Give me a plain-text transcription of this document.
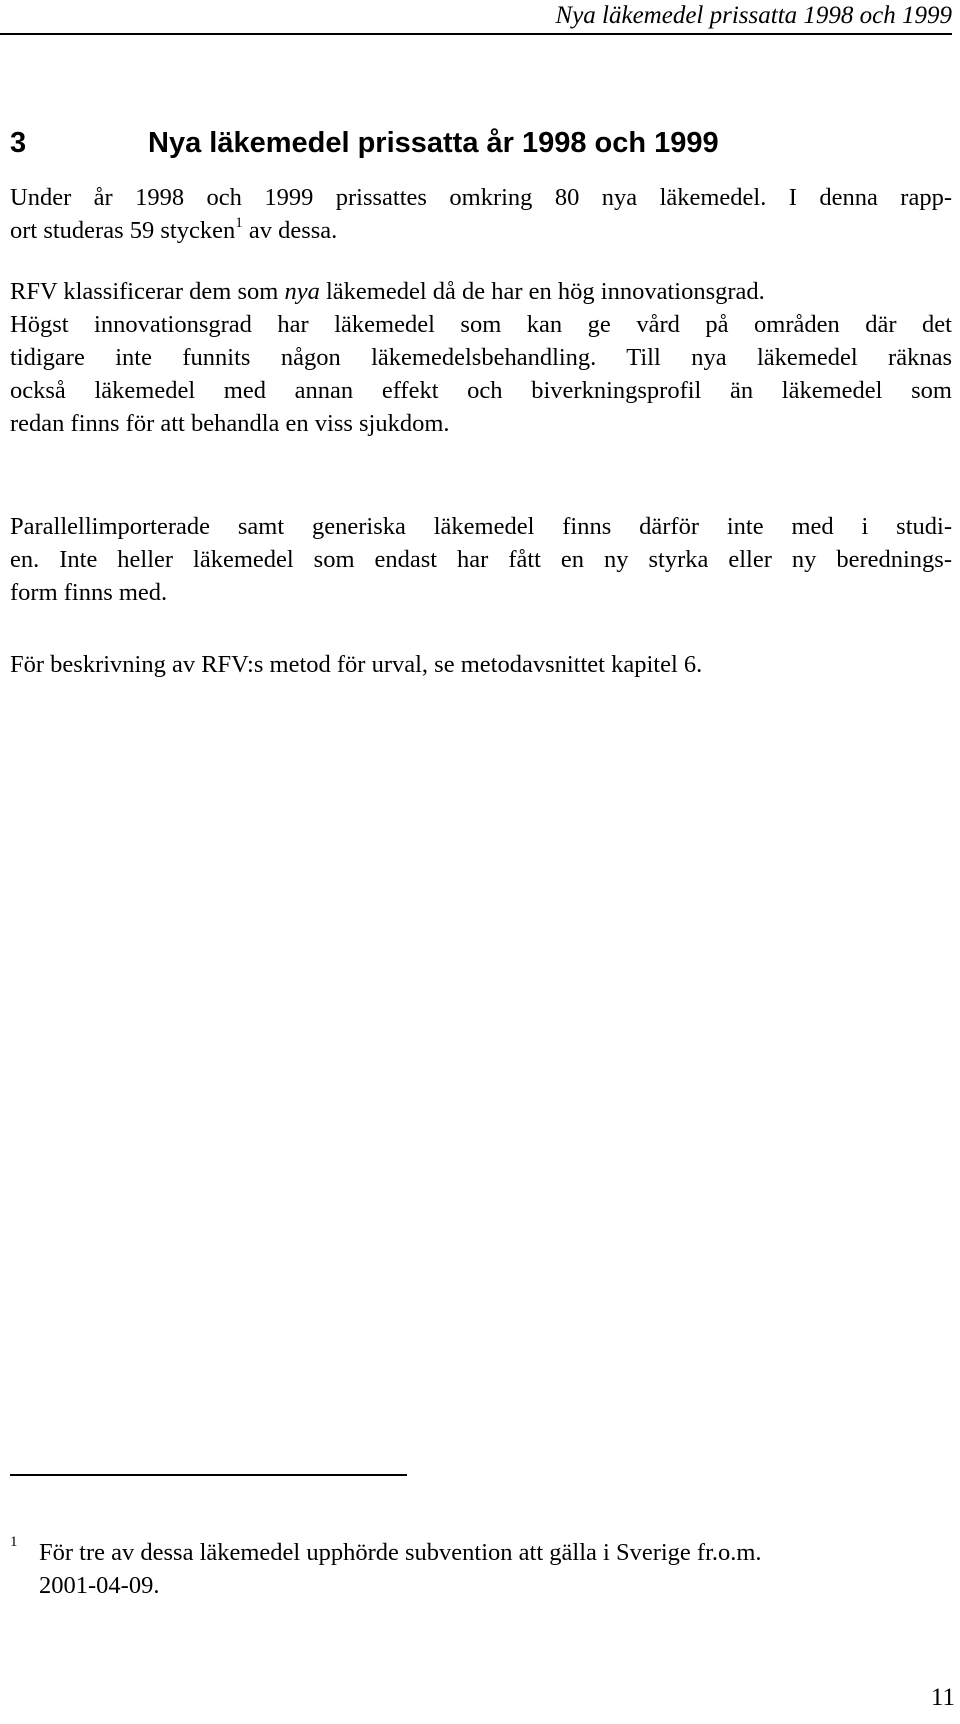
Nya läkemedel prissatta 1998 och 1999
3	Nya läkemedel prissatta år 1998 och 1999
Under år 1998 och 1999 prissattes omkring 80 nya läkemedel. I denna rapp-
ort studeras 59 stycken$^1$ av dessa.
RFV klassificerar dem som nya läkemedel då de har en hög innovationsgrad.
Högst innovationsgrad har läkemedel som kan ge vård på områden där det
tidigare inte funnits någon läkemedelsbehandling. Till nya läkemedel räknas
också läkemedel med annan effekt och biverkningsprofil än läkemedel som
redan finns för att behandla en viss sjukdom.
Parallellimporterade samt generiska läkemedel finns därför inte med i studi-
en. Inte heller läkemedel som endast har fått en ny styrka eller ny berednings-
form finns med.
För beskrivning av RFV:s metod för urval, se metodavsnittet kapitel 6.
1 För tre av dessa läkemedel upphörde subvention att gälla i Sverige fr.o.m.
2001-04-09.
11
